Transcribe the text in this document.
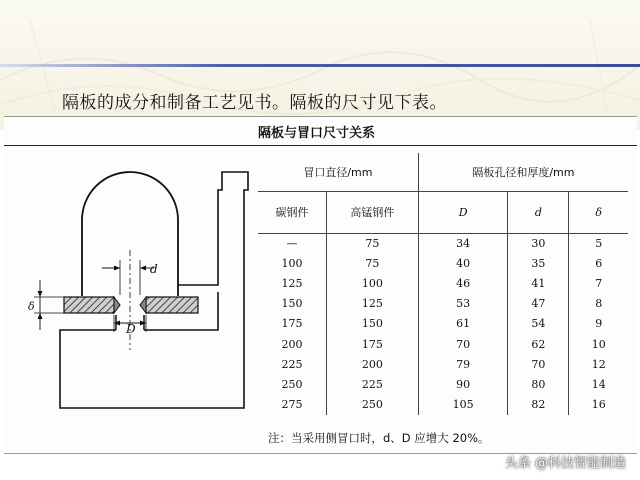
隔板的成分和制备工艺见书。隔板的尺寸见下表。
隔板与冒口尺寸关系
d
D
δ
冒口直径/mm		隔板孔径和厚度/mm		
碳钢件	高锰钢件	D	d	δ
—	75	34	30	5
100	75	40	35	6
125	100	46	41	7
150	125	53	47	8
175	150	61	54	9
200	175	70	62	10
225	200	79	70	12
250	225	90	80	14
275	250	105	82	16
注：当采用侧冒口时，d、D 应增大 20%。
头条 @科技智能制造
